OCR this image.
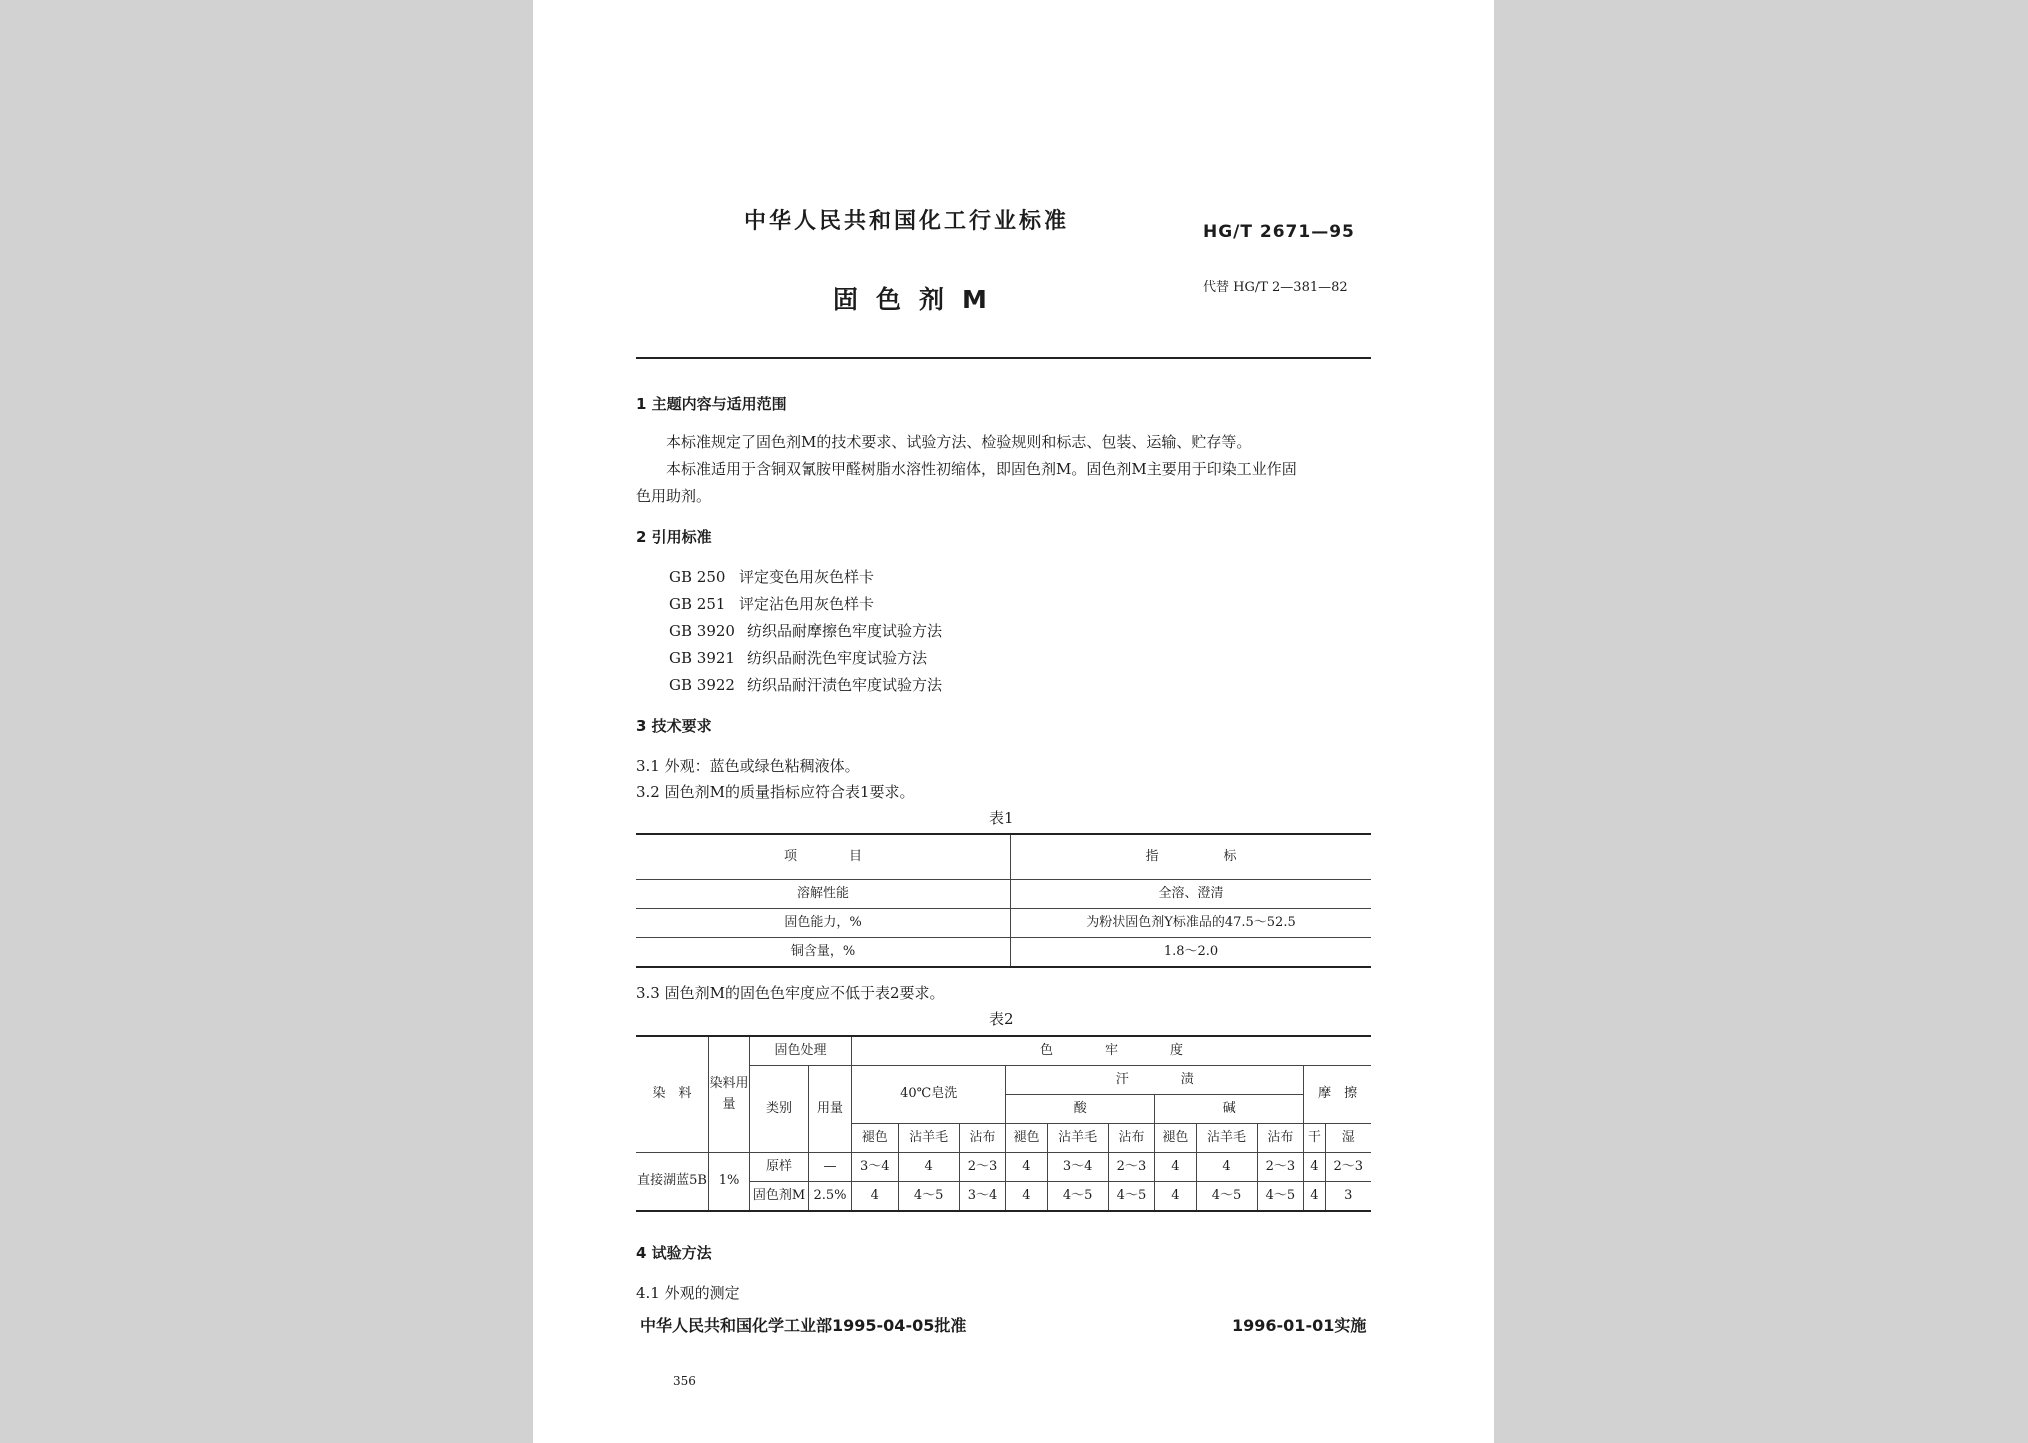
中华人民共和国化工行业标准	HG/T 2671—95
固色剂M	代替 HG/T 2—381—82
1 主题内容与适用范围
本标准规定了固色剂M的技术要求、试验方法、检验规则和标志、包装、运输、贮存等。
本标准适用于含铜双氰胺甲醛树脂水溶性初缩体，即固色剂M。固色剂M主要用于印染工业作固
色用助剂。
2 引用标准
GB 250 评定变色用灰色样卡
GB 251 评定沾色用灰色样卡
GB 3920 纺织品耐摩擦色牢度试验方法
GB 3921 纺织品耐洗色牢度试验方法
GB 3922 纺织品耐汗渍色牢度试验方法
3 技术要求
3.1 外观：蓝色或绿色粘稠液体。
3.2 固色剂M的质量指标应符合表1要求。
表1
项　　　　目	指　　　　　标
溶解性能	全溶、澄清
固色能力，%	为粉状固色剂Y标准品的47.5～52.5
铜含量，%	1.8～2.0
3.3 固色剂M的固色色牢度应不低于表2要求。
表2
染　料	染料用量	固色处理		色　　　　牢　　　　度										
		类别	用量	40℃皂洗			汗　　　　渍						摩　擦	
							酸			碱				
				褪色	沾羊毛	沾布	褪色	沾羊毛	沾布	褪色	沾羊毛	沾布	干	湿
直接湖蓝5B	1%	原样	—	3～4	4	2～3	4	3～4	2～3	4	4	2～3	4	2～3
		固色剂M	2.5%	4	4～5	3～4	4	4～5	4～5	4	4～5	4～5	4	3
4 试验方法
4.1 外观的测定
中华人民共和国化学工业部1995-04-05批准	1996-01-01实施
356
